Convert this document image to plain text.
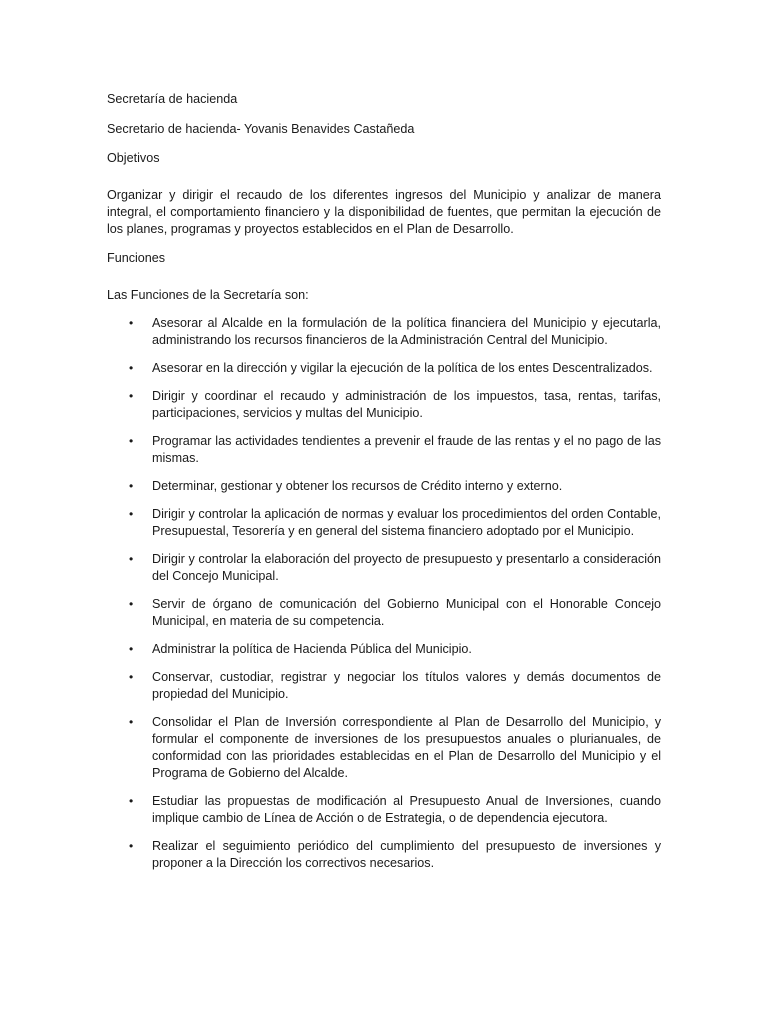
Secretaría de hacienda

Secretario de hacienda- Yovanis Benavides Castañeda

Objetivos

Organizar y dirigir el recaudo de los diferentes ingresos del Municipio y analizar de manera integral, el comportamiento financiero y la disponibilidad de fuentes, que permitan la ejecución de los planes, programas y proyectos establecidos en el Plan de Desarrollo.

Funciones

Las Funciones de la Secretaría son:

• Asesorar al Alcalde en la formulación de la política financiera del Municipio y ejecutarla, administrando los recursos financieros de la Administración Central del Municipio.
• Asesorar en la dirección y vigilar la ejecución de la política de los entes Descentralizados.
• Dirigir y coordinar el recaudo y administración de los impuestos, tasa, rentas, tarifas, participaciones, servicios y multas del Municipio.
• Programar las actividades tendientes a prevenir el fraude de las rentas y el no pago de las mismas.
• Determinar, gestionar y obtener los recursos de Crédito interno y externo.
• Dirigir y controlar la aplicación de normas y evaluar los procedimientos del orden Contable, Presupuestal, Tesorería y en general del sistema financiero adoptado por el Municipio.
• Dirigir y controlar la elaboración del proyecto de presupuesto y presentarlo a consideración del Concejo Municipal.
• Servir de órgano de comunicación del Gobierno Municipal con el Honorable Concejo Municipal, en materia de su competencia.
• Administrar la política de Hacienda Pública del Municipio.
• Conservar, custodiar, registrar y negociar los títulos valores y demás documentos de propiedad del Municipio.
• Consolidar el Plan de Inversión correspondiente al Plan de Desarrollo del Municipio, y formular el componente de inversiones de los presupuestos anuales o plurianuales, de conformidad con las prioridades establecidas en el Plan de Desarrollo del Municipio y el Programa de Gobierno del Alcalde.
• Estudiar las propuestas de modificación al Presupuesto Anual de Inversiones, cuando implique cambio de Línea de Acción o de Estrategia, o de dependencia ejecutora.
• Realizar el seguimiento periódico del cumplimiento del presupuesto de inversiones y proponer a la Dirección los correctivos necesarios.
